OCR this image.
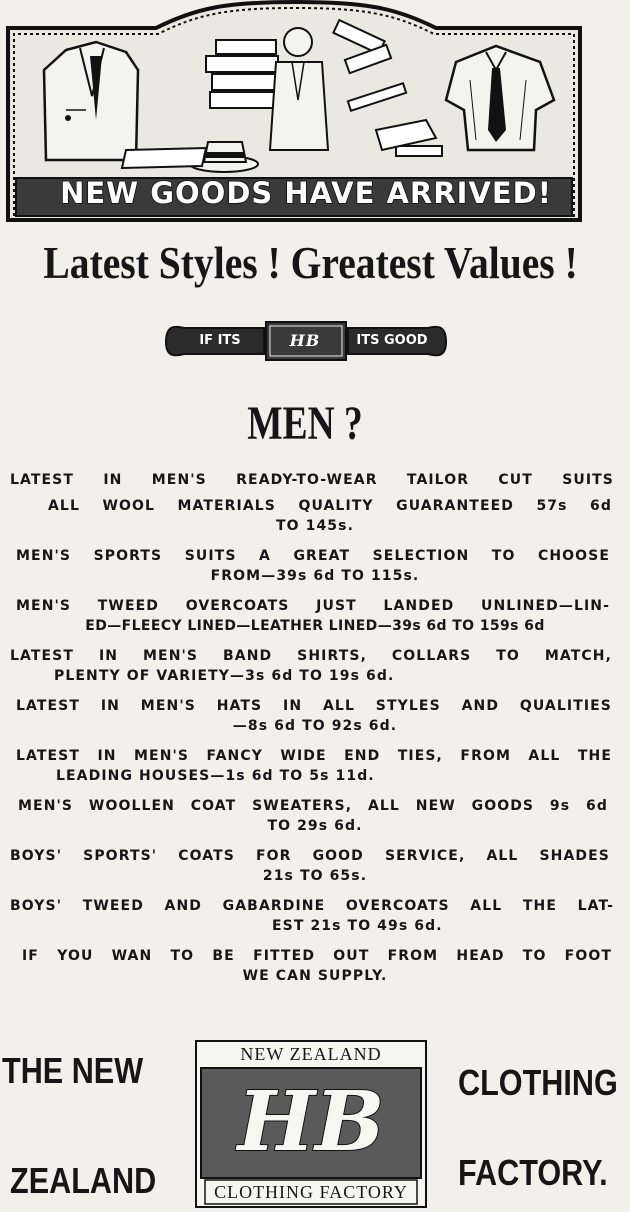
NEW GOODS HAVE ARRIVED!
Latest Styles ! Greatest Values !
IF ITS	HB	ITS GOOD
MEN ?
LATEST IN MEN'S READY-TO-WEAR TAILOR CUT SUITS
ALL WOOL MATERIALS QUALITY GUARANTEED 57s 6d
TO 145s.
MEN'S SPORTS SUITS A GREAT SELECTION TO CHOOSE
FROM—39s 6d TO 115s.
MEN'S TWEED OVERCOATS JUST LANDED UNLINED—LIN-
ED—FLEECY LINED—LEATHER LINED—39s 6d TO 159s 6d
LATEST IN MEN'S BAND SHIRTS, COLLARS TO MATCH,
PLENTY OF VARIETY—3s 6d TO 19s 6d.
LATEST IN MEN'S HATS IN ALL STYLES AND QUALITIES
—8s 6d TO 92s 6d.
LATEST IN MEN'S FANCY WIDE END TIES, FROM ALL THE
LEADING HOUSES—1s 6d TO 5s 11d.
MEN'S WOOLLEN COAT SWEATERS, ALL NEW GOODS 9s 6d
TO 29s 6d.
BOYS' SPORTS' COATS FOR GOOD SERVICE, ALL SHADES
21s TO 65s.
BOYS' TWEED AND GABARDINE OVERCOATS ALL THE LAT-
EST 21s TO 49s 6d.
IF YOU WAN TO BE FITTED OUT FROM HEAD TO FOOT
WE CAN SUPPLY.
THE NEW
ZEALAND
CLOTHING
FACTORY.
NEW ZEALAND
HB
CLOTHING FACTORY
